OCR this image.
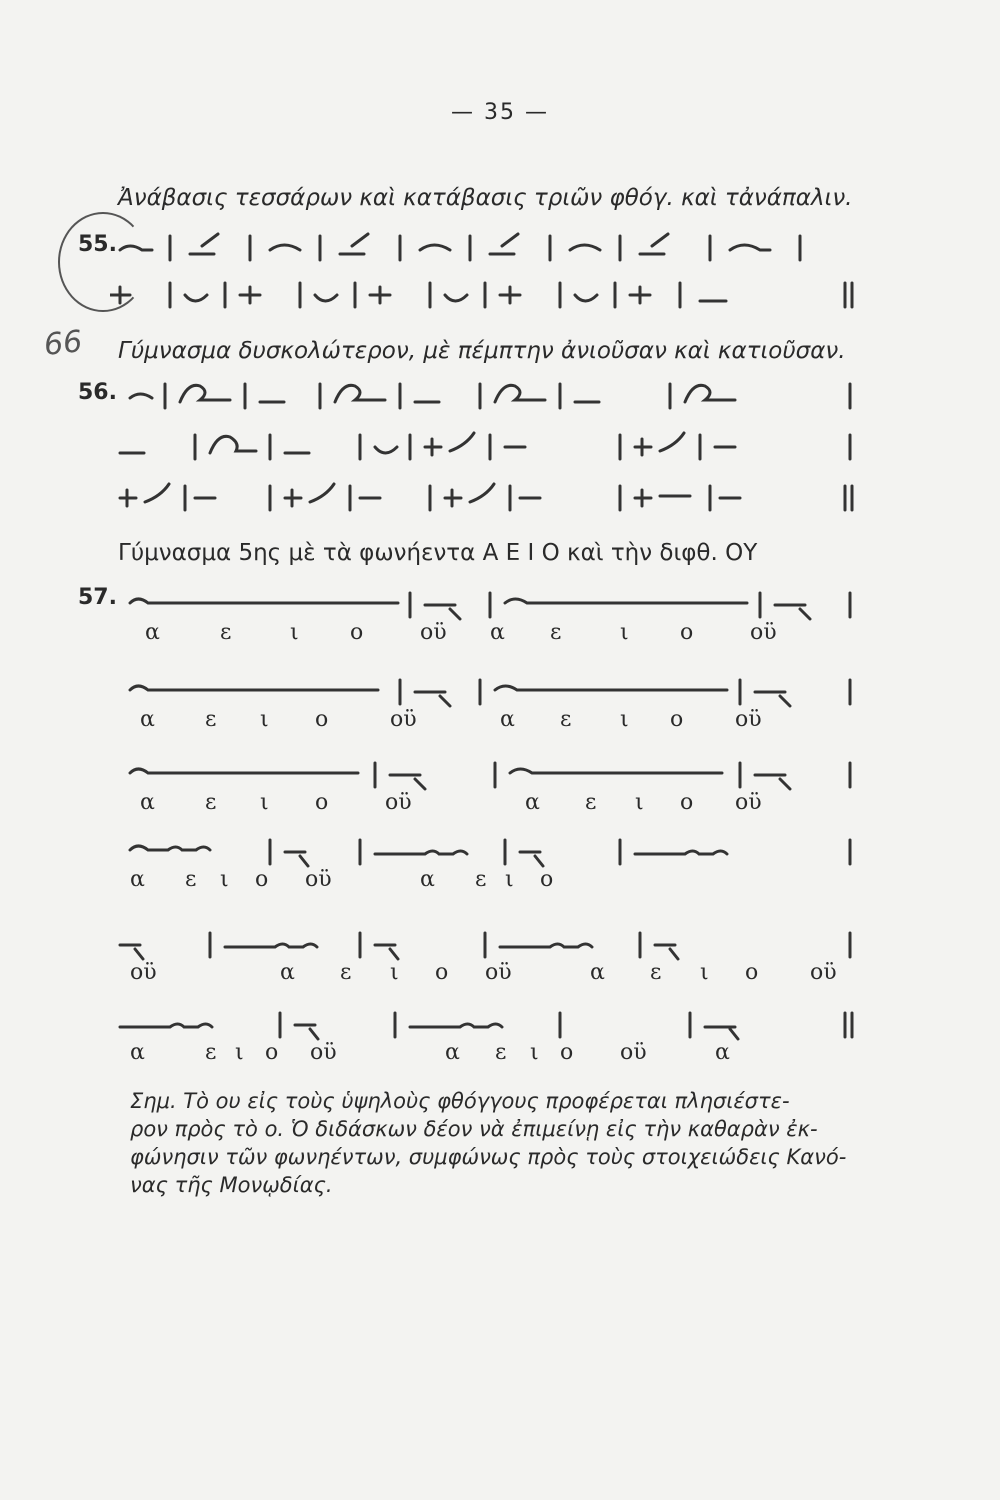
— 35 —
Ἀνάβασις τεσσάρων καὶ κατάβασις τριῶν φθόγ. καὶ τἀνάπαλιν.
55.
66 Γύμνασμα δυσκολώτερον, μὲ πέμπτην ἀνιοῦσαν καὶ κατιοῦσαν.
56.
Γύμνασμα 5ης μὲ τὰ φωνήεντα Α Ε Ι Ο καὶ τὴν διφθ. ΟΥ
57.
α	ε	ι ο	οϋ α ε	ι ο	οϋ
α ε ι ο	οϋ	α ε ι ο οϋ
α ε ι ο	οϋ	α ε ι ο οϋ
α ε ι ο οϋ	α ε ι ο
οϋ	α ε ι ο οϋ	α ε ι ο οϋ
α	ε ι ο οϋ	α ε ι ο οϋ	α
Σημ. Τὸ ου εἰς τοὺς ὑψηλοὺς φθόγγους προφέρεται πλησιέστε-
ρον πρὸς τὸ ο. Ὁ διδάσκων δέον νὰ ἐπιμείνῃ εἰς τὴν καθαρὰν ἐκ-
φώνησιν τῶν φωνηέντων, συμφώνως πρὸς τοὺς στοιχειώδεις Κανό-
νας τῆς Μονῳδίας.
